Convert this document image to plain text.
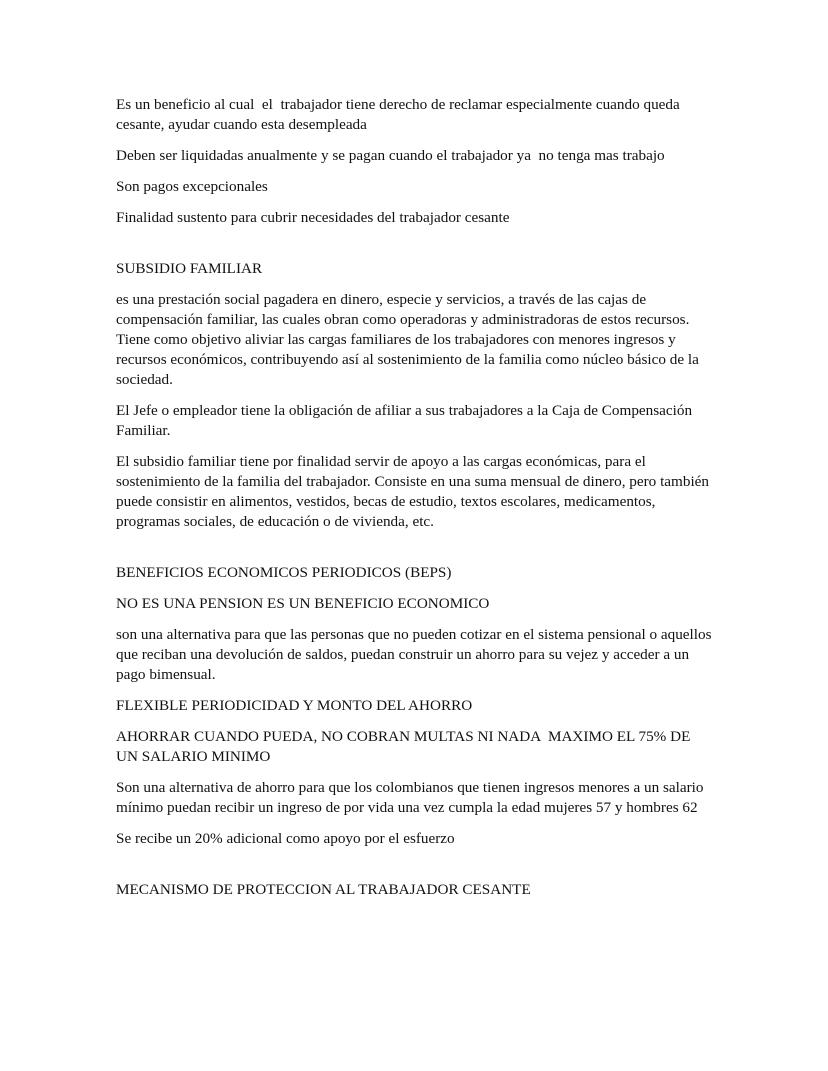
Es un beneficio al cual  el  trabajador tiene derecho de reclamar especialmente cuando queda cesante, ayudar cuando esta desempleada

Deben ser liquidadas anualmente y se pagan cuando el trabajador ya  no tenga mas trabajo

Son pagos excepcionales

Finalidad sustento para cubrir necesidades del trabajador cesante

SUBSIDIO FAMILIAR

es una prestación social pagadera en dinero, especie y servicios, a través de las cajas de compensación familiar, las cuales obran como operadoras y administradoras de estos recursos. Tiene como objetivo aliviar las cargas familiares de los trabajadores con menores ingresos y recursos económicos, contribuyendo así al sostenimiento de la familia como núcleo básico de la sociedad.

El Jefe o empleador tiene la obligación de afiliar a sus trabajadores a la Caja de Compensación Familiar.

El subsidio familiar tiene por finalidad servir de apoyo a las cargas económicas, para el sostenimiento de la familia del trabajador. Consiste en una suma mensual de dinero, pero también puede consistir en alimentos, vestidos, becas de estudio, textos escolares, medicamentos, programas sociales, de educación o de vivienda, etc.

BENEFICIOS ECONOMICOS PERIODICOS (BEPS)

NO ES UNA PENSION ES UN BENEFICIO ECONOMICO

son una alternativa para que las personas que no pueden cotizar en el sistema pensional o aquellos que reciban una devolución de saldos, puedan construir un ahorro para su vejez y acceder a un pago bimensual.

FLEXIBLE PERIODICIDAD Y MONTO DEL AHORRO

AHORRAR CUANDO PUEDA, NO COBRAN MULTAS NI NADA  MAXIMO EL 75% DE UN SALARIO MINIMO

Son una alternativa de ahorro para que los colombianos que tienen ingresos menores a un salario mínimo puedan recibir un ingreso de por vida una vez cumpla la edad mujeres 57 y hombres 62

Se recibe un 20% adicional como apoyo por el esfuerzo

MECANISMO DE PROTECCION AL TRABAJADOR CESANTE
